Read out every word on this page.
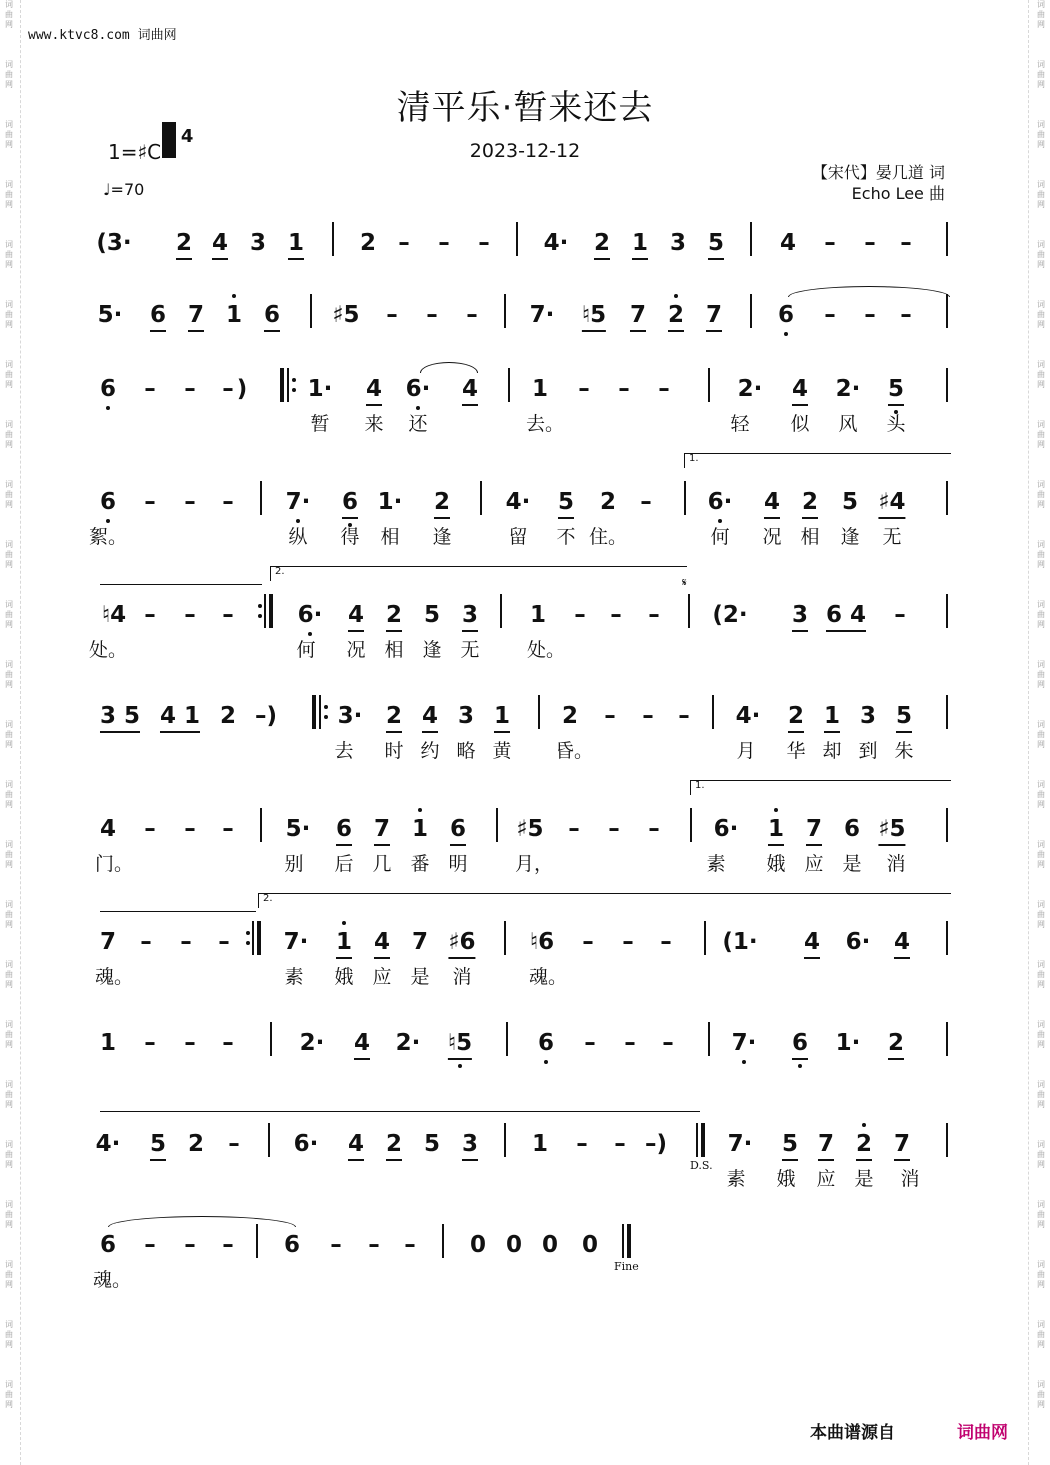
www.ktvc8.com 词曲网
词
曲
网
词
曲
网
词
曲
网
词
曲
网
词
曲
网
词
曲
网
词
曲
网
词
曲
网
词
曲
网
词
曲
网
词
曲
网
词
曲
网
词
曲
网
词
曲
网
词
曲
网
词
曲
网
词
曲
网
词
曲
网
词
曲
网
词
曲
网
词
曲
网
词
曲
网
词
曲
网
词
曲
网
词
曲
网
词
曲
网
词
曲
网
词
曲
网
词
曲
网
词
曲
网
词
曲
网
词
曲
网
词
曲
网
词
曲
网
词
曲
网
词
曲
网
词
曲
网
词
曲
网
词
曲
网
词
曲
网
词
曲
网
词
曲
网
词
曲
网
词
曲
网
词
曲
网
词
曲
网
词
曲
网
词
曲
网
清平乐·暂来还去
2023-12-12
1=♯C
4
♩=70
【宋代】晏几道 词
Echo Lee 曲
(3· 2 4 3 1 2 – – – 4· 2 1 3 5 4 – – –
5· 6 7 1 6 ♯5 – – – 7· ♮5 7 2 7 6 – – –
6 – – – )	1· 4 6· 4 1 – – –	2· 4 2· 5
暂 来 还	去。	轻 似 风 头
6 – – – 7· 6 1· 2 4· 5 2 – 6· 4 2 5 ♯4
1.
絮。	纵 得 相 逢	留 不 住。	何 况 相 逢 无
♮4 – – –	6· 4 2 5 3 1 – – – (2· 3 6 4 –
2.
𝄋
处。	何 况 相 逢 无 处。
3 5 4 1 2 –)	3· 2 4 3 1 2 – – – 4· 2 1 3 5
去 时 约 略 黄 昏。	月 华 却 到 朱
4 – – – 5· 6 7 1 6 ♯5 – – – 6· 1 7 6 ♯5
1.
门。	别 后 几 番 明 月，	素 娥 应 是 消
7 – – – 7· 1 4 7 ♯6 ♮6 – – – (1· 4 6· 4
2.
魂。	素 娥 应 是 消	魂。
1 – – –	2· 4 2· ♮5	6 – – –	7· 6 1· 2
4· 5 2 – 6· 4 2 5 3 1 – – –)	7· 5 7 2 7
D.S.
素 娥 应 是 消
6 – – – 6 – – – 0 0 0 0
Fine
魂。
本曲谱源自	词曲网
